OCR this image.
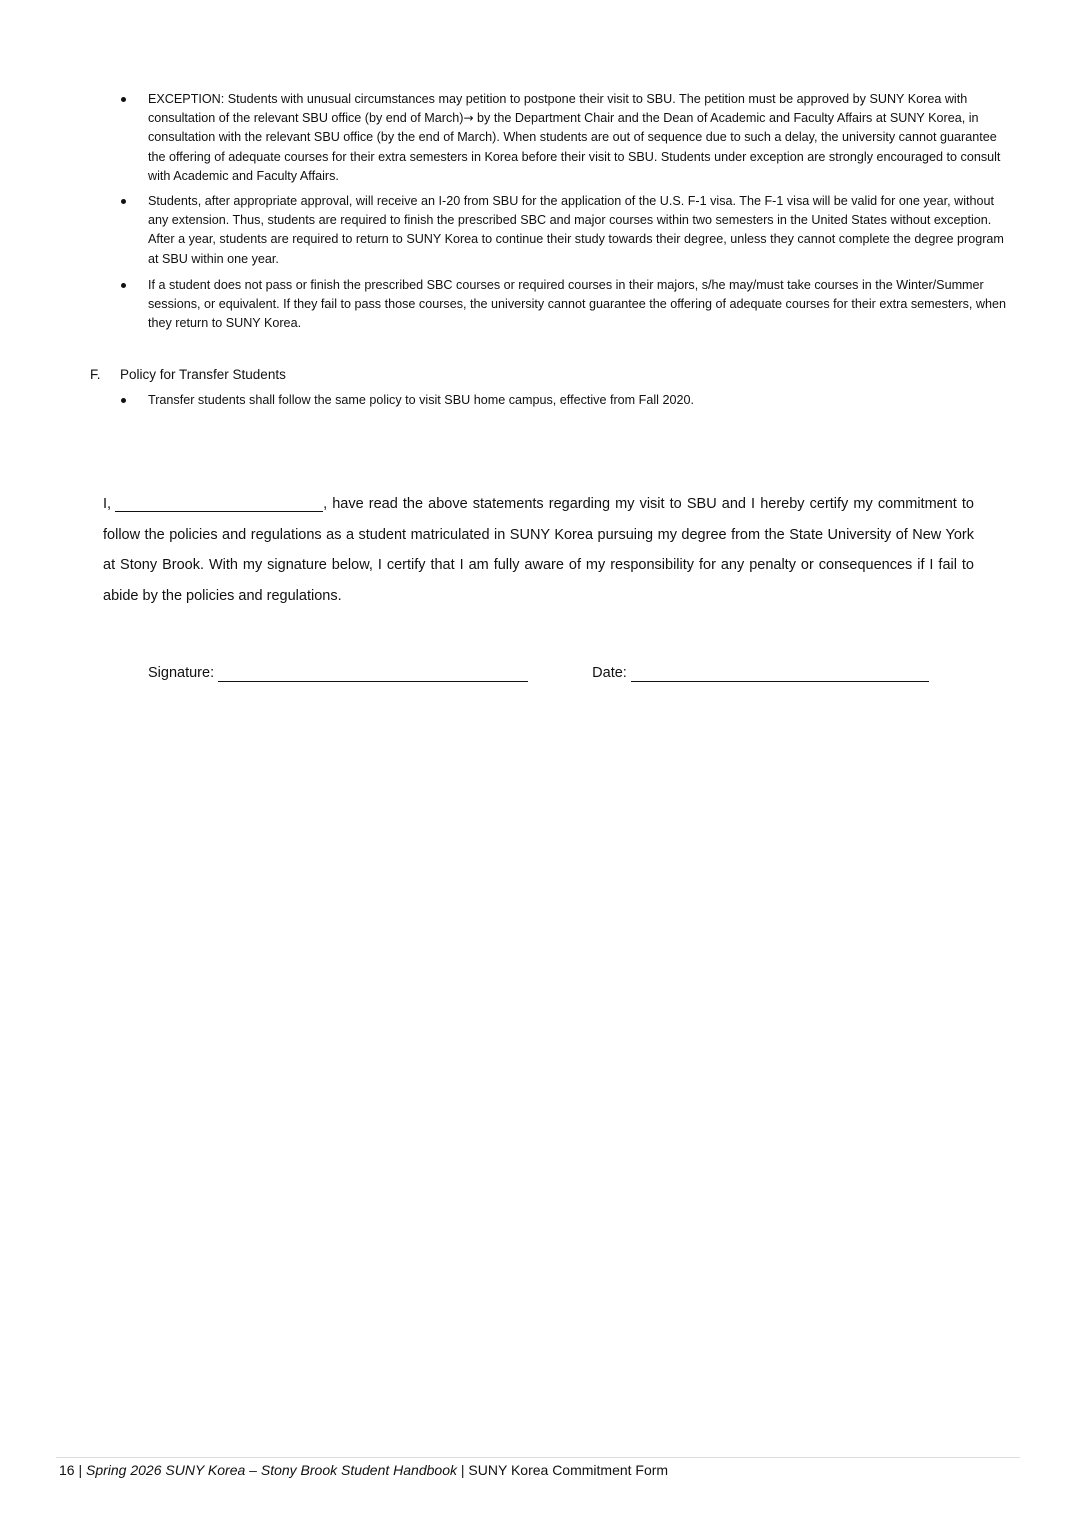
EXCEPTION: Students with unusual circumstances may petition to postpone their visit to SBU. The petition must be approved by SUNY Korea with consultation of the relevant SBU office (by end of March)→ by the Department Chair and the Dean of Academic and Faculty Affairs at SUNY Korea, in consultation with the relevant SBU office (by the end of March). When students are out of sequence due to such a delay, the university cannot guarantee the offering of adequate courses for their extra semesters in Korea before their visit to SBU. Students under exception are strongly encouraged to consult with Academic and Faculty Affairs.
Students, after appropriate approval, will receive an I-20 from SBU for the application of the U.S. F-1 visa. The F-1 visa will be valid for one year, without any extension. Thus, students are required to finish the prescribed SBC and major courses within two semesters in the United States without exception. After a year, students are required to return to SUNY Korea to continue their study towards their degree, unless they cannot complete the degree program at SBU within one year.
If a student does not pass or finish the prescribed SBC courses or required courses in their majors, s/he may/must take courses in the Winter/Summer sessions, or equivalent. If they fail to pass those courses, the university cannot guarantee the offering of adequate courses for their extra semesters, when they return to SUNY Korea.
F. Policy for Transfer Students
Transfer students shall follow the same policy to visit SBU home campus, effective from Fall 2020.
I,	, have read the above statements regarding my visit to SBU and I hereby certify my commitment to follow the policies and regulations as a student matriculated in SUNY Korea pursuing my degree from the State University of New York at Stony Brook. With my signature below, I certify that I am fully aware of my responsibility for any penalty or consequences if I fail to abide by the policies and regulations.
Signature:	Date:
16 | Spring 2026 SUNY Korea – Stony Brook Student Handbook | SUNY Korea Commitment Form
